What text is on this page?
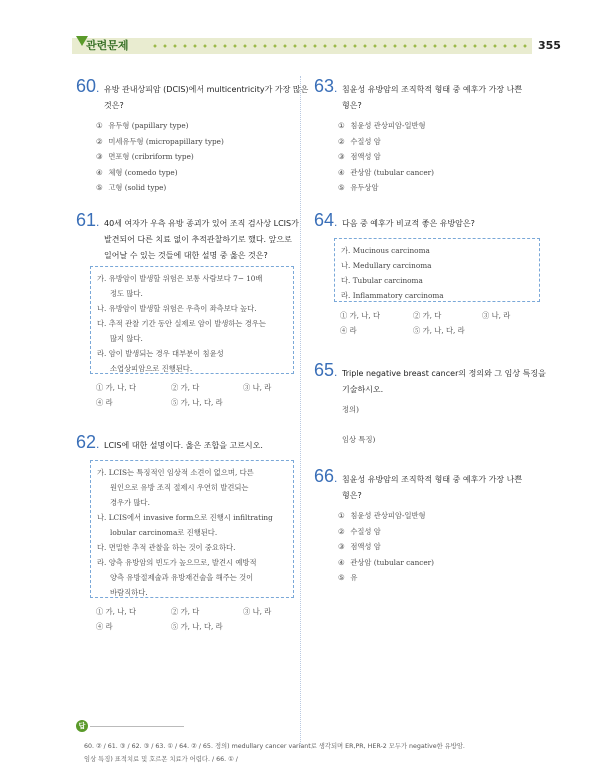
관련문제	355
60. 유방 관내상피암 (DCIS)에서 multicentricity가 가장 많은
것은?
① 유두형 (papillary type)
② 미세유두형 (micropapillary type)
③ 면포형 (cribriform type)
④ 체형 (comedo type)
⑤ 고형 (solid type)
61. 40세 여자가 우측 유방 종괴가 있어 조직 검사상 LCIS가
발견되어 다른 치료 없이 추적관찰하기로 했다. 앞으로
일어날 수 있는 것들에 대한 설명 중 옳은 것은?
가. 유방암이 발생할 위험은 보통 사람보다 7− 10배
정도 많다.
나. 유방암이 발생할 위험은 우측이 좌측보다 높다.
다. 추적 관찰 기간 동안 실제로 암이 발생하는 경우는
많지 않다.
라. 암이 발생되는 경우 대부분이 침윤성
소엽상피암으로 진행된다.
① 가, 나, 다	② 가, 다	③ 나, 라
④ 라	⑤ 가, 나, 다, 라
62. LCIS에 대한 설명이다. 옳은 조합을 고르시오.
가. LCIS는 특징적인 임상적 소견이 없으며, 다른
원인으로 유방 조직 절제시 우연히 발견되는
경우가 많다.
나. LCIS에서 invasive form으로 진행시 infiltrating
lobular carcinoma로 진행된다.
다. 면밀한 추적 관찰을 하는 것이 중요하다.
라. 양측 유방암의 빈도가 높으므로, 발견시 예방적
양측 유방절제술과 유방재건술을 해주는 것이
바람직하다.
① 가, 나, 다	② 가, 다	③ 나, 라
④ 라	⑤ 가, 나, 다, 라
63. 침윤성 유방암의 조직학적 형태 중 예후가 가장 나쁜
형은?
① 침윤성 관상피암-일반형
② 수질성 암
③ 점액성 암
④ 관상암 (tubular cancer)
⑤ 유두상암
64. 다음 중 예후가 비교적 좋은 유방암은?
가. Mucinous carcinoma
나. Medullary carcinoma
다. Tubular carcinoma
라. Inflammatory carcinoma
① 가, 나, 다	② 가, 다	③ 나, 라
④ 라	⑤ 가, 나, 다, 라
65. Triple negative breast cancer의 정의와 그 임상 특징을
기술하시오.
정의)
임상 특징)
66. 침윤성 유방암의 조직학적 형태 중 예후가 가장 나쁜
형은?
① 침윤성 관상피암-일반형
② 수질성 암
③ 점액성 암
④ 관상암 (tubular cancer)
⑤ 유
답
60. ② / 61. ③ / 62. ③ / 63. ① / 64. ② / 65. 정의) medullary cancer variant로 생각되며 ER,PR, HER-2 모두가 negative한 유방암.
임상 특징) 표적치료 및 호르몬 치료가 어렵다. / 66. ① /
